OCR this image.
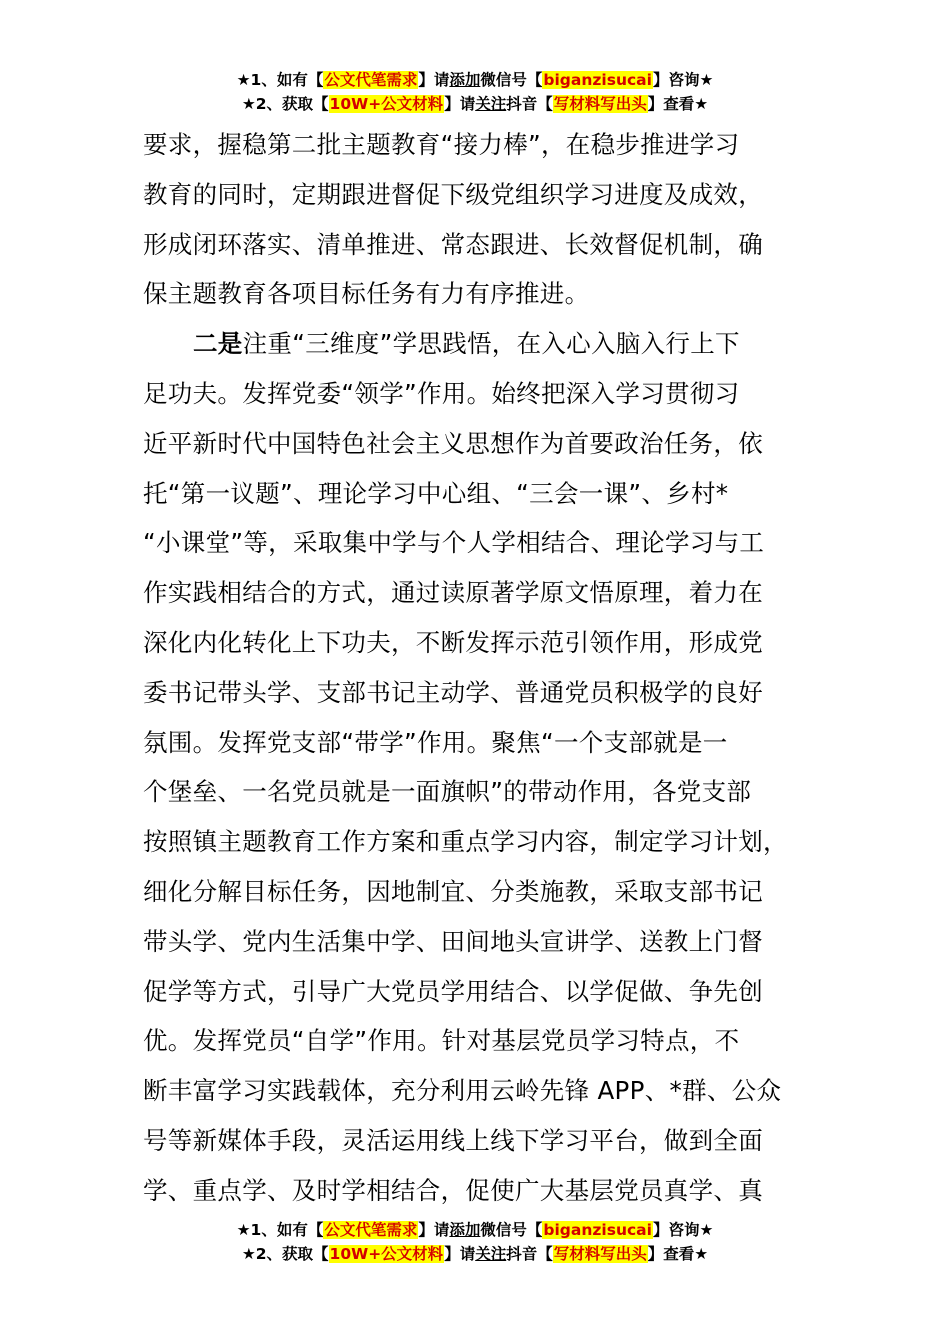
★1、如有【公文代笔需求】请添加微信号【biganzisucai】咨询★
★2、获取【10W+公文材料】请关注抖音【写材料写出头】查看★
要求，握稳第二批主题教育“接力棒”，在稳步推进学习
教育的同时，定期跟进督促下级党组织学习进度及成效，
形成闭环落实、清单推进、常态跟进、长效督促机制，确
保主题教育各项目标任务有力有序推进。
二是注重“三维度”学思践悟，在入心入脑入行上下
足功夫。发挥党委“领学”作用。始终把深入学习贯彻习
近平新时代中国特色社会主义思想作为首要政治任务，依
托“第一议题”、理论学习中心组、“三会一课”、乡村*
“小课堂”等，采取集中学与个人学相结合、理论学习与工
作实践相结合的方式，通过读原著学原文悟原理，着力在
深化内化转化上下功夫，不断发挥示范引领作用，形成党
委书记带头学、支部书记主动学、普通党员积极学的良好
氛围。发挥党支部“带学”作用。聚焦“一个支部就是一
个堡垒、一名党员就是一面旗帜”的带动作用，各党支部
按照镇主题教育工作方案和重点学习内容，制定学习计划，
细化分解目标任务，因地制宜、分类施教，采取支部书记
带头学、党内生活集中学、田间地头宣讲学、送教上门督
促学等方式，引导广大党员学用结合、以学促做、争先创
优。发挥党员“自学”作用。针对基层党员学习特点，不
断丰富学习实践载体，充分利用云岭先锋 APP、*群、公众
号等新媒体手段，灵活运用线上线下学习平台，做到全面
学、重点学、及时学相结合，促使广大基层党员真学、真
★1、如有【公文代笔需求】请添加微信号【biganzisucai】咨询★
★2、获取【10W+公文材料】请关注抖音【写材料写出头】查看★
